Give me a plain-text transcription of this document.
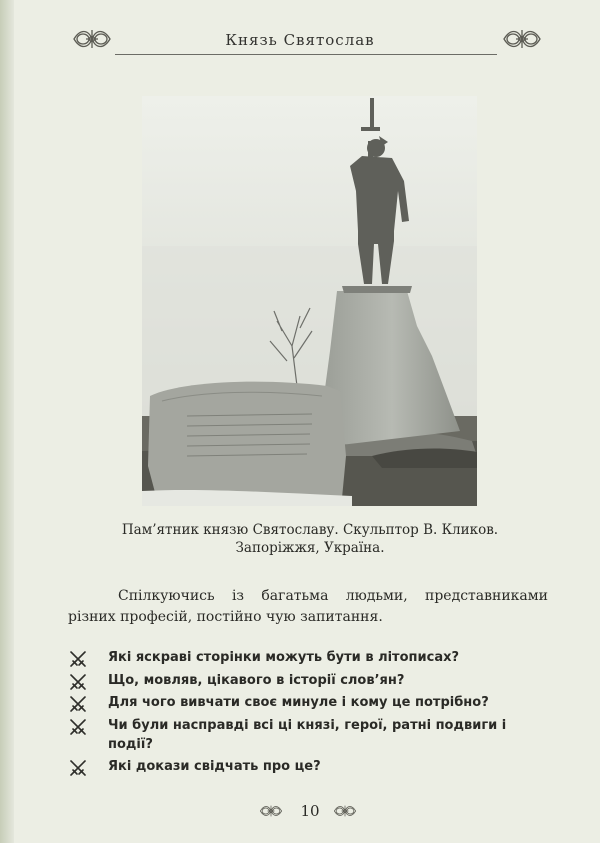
Князь Святослав
Пам’ятник князю Святославу. Скульптор В. Кликов.
Запоріжжя, Україна.

Спілкуючись із багатьма людьми, представниками різних професій, постійно чую запитання.

Які яскраві сторінки можуть бути в літописах?
Що, мовляв, цікавого в історії слов’ян?
Для чого вивчати своє минуле і кому це потрібно?
Чи були насправді всі ці князі, герої, ратні подвиги і події?
Які докази свідчать про це?
10
